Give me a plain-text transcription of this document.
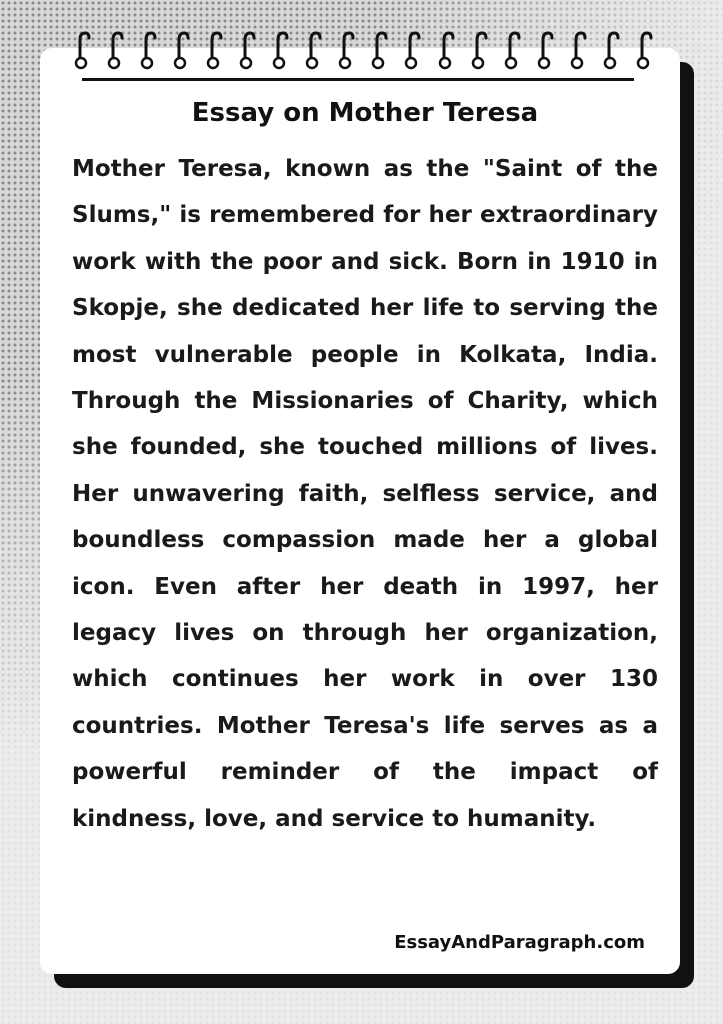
Essay on Mother Teresa

Mother Teresa, known as the "Saint of the Slums," is remembered for her extraordinary work with the poor and sick. Born in 1910 in Skopje, she dedicated her life to serving the most vulnerable people in Kolkata, India. Through the Missionaries of Charity, which she founded, she touched millions of lives. Her unwavering faith, selfless service, and boundless compassion made her a global icon. Even after her death in 1997, her legacy lives on through her organization, which continues her work in over 130 countries. Mother Teresa's life serves as a powerful reminder of the impact of kindness, love, and service to humanity.

EssayAndParagraph.com
